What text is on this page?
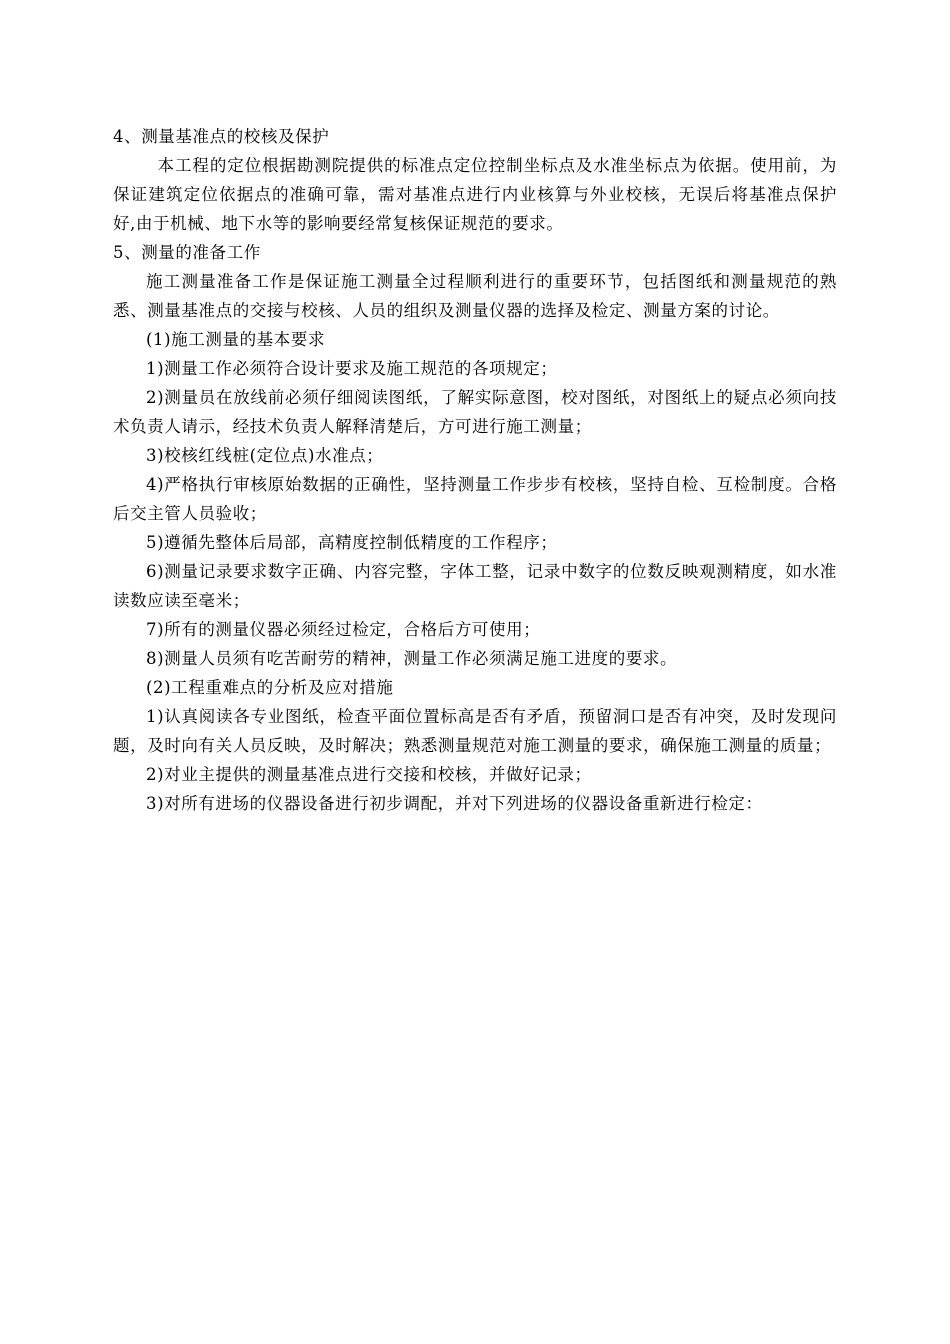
4、测量基准点的校核及保护

本工程的定位根据勘测院提供的标准点定位控制坐标点及水准坐标点为依据。使用前，为保证建筑定位依据点的准确可靠，需对基准点进行内业核算与外业校核，无误后将基准点保护好,由于机械、地下水等的影响要经常复核保证规范的要求。

5、测量的准备工作

施工测量准备工作是保证施工测量全过程顺利进行的重要环节，包括图纸和测量规范的熟悉、测量基准点的交接与校核、人员的组织及测量仪器的选择及检定、测量方案的讨论。

(1)施工测量的基本要求

1)测量工作必须符合设计要求及施工规范的各项规定；

2)测量员在放线前必须仔细阅读图纸，了解实际意图，校对图纸，对图纸上的疑点必须向技术负责人请示，经技术负责人解释清楚后，方可进行施工测量；

3)校核红线桩(定位点)水准点；

4)严格执行审核原始数据的正确性，坚持测量工作步步有校核，坚持自检、互检制度。合格后交主管人员验收；

5)遵循先整体后局部，高精度控制低精度的工作程序；

6)测量记录要求数字正确、内容完整，字体工整，记录中数字的位数反映观测精度，如水准读数应读至毫米；

7)所有的测量仪器必须经过检定，合格后方可使用；

8)测量人员须有吃苦耐劳的精神，测量工作必须满足施工进度的要求。

(2)工程重难点的分析及应对措施

1)认真阅读各专业图纸，检查平面位置标高是否有矛盾，预留洞口是否有冲突，及时发现问题，及时向有关人员反映，及时解决；熟悉测量规范对施工测量的要求，确保施工测量的质量；

2)对业主提供的测量基准点进行交接和校核，并做好记录；

3)对所有进场的仪器设备进行初步调配，并对下列进场的仪器设备重新进行检定：
